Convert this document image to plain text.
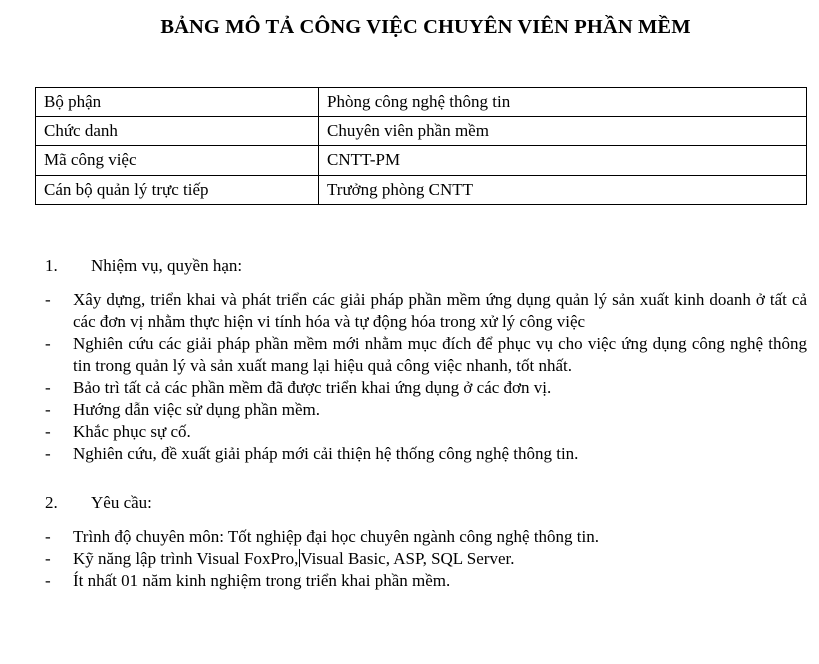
BẢNG MÔ TẢ CÔNG VIỆC CHUYÊN VIÊN PHẦN MỀM
Bộ phận	Phòng công nghệ thông tin
Chức danh	Chuyên viên phần mềm
Mã công việc	CNTT-PM
Cán bộ quản lý trực tiếp	Trưởng phòng CNTT
1. Nhiệm vụ, quyền hạn:
- Xây dựng, triển khai và phát triển các giải pháp phần mềm ứng dụng quản lý sản xuất kinh doanh ở tất cả các đơn vị nhằm thực hiện vi tính hóa và tự động hóa trong xử lý công việc
- Nghiên cứu các giải pháp phần mềm mới nhằm mục đích để phục vụ cho việc ứng dụng công nghệ thông tin trong quản lý và sản xuất mang lại hiệu quả công việc nhanh, tốt nhất.
- Bảo trì tất cả các phần mềm đã được triển khai ứng dụng ở các đơn vị.
- Hướng dẫn việc sử dụng phần mềm.
- Khắc phục sự cố.
- Nghiên cứu, đề xuất giải pháp mới cải thiện hệ thống công nghệ thông tin.
2. Yêu cầu:
- Trình độ chuyên môn: Tốt nghiệp đại học chuyên ngành công nghệ thông tin.
- Kỹ năng lập trình Visual FoxPro, Visual Basic, ASP, SQL Server.
- Ít nhất 01 năm kinh nghiệm trong triển khai phần mềm.
